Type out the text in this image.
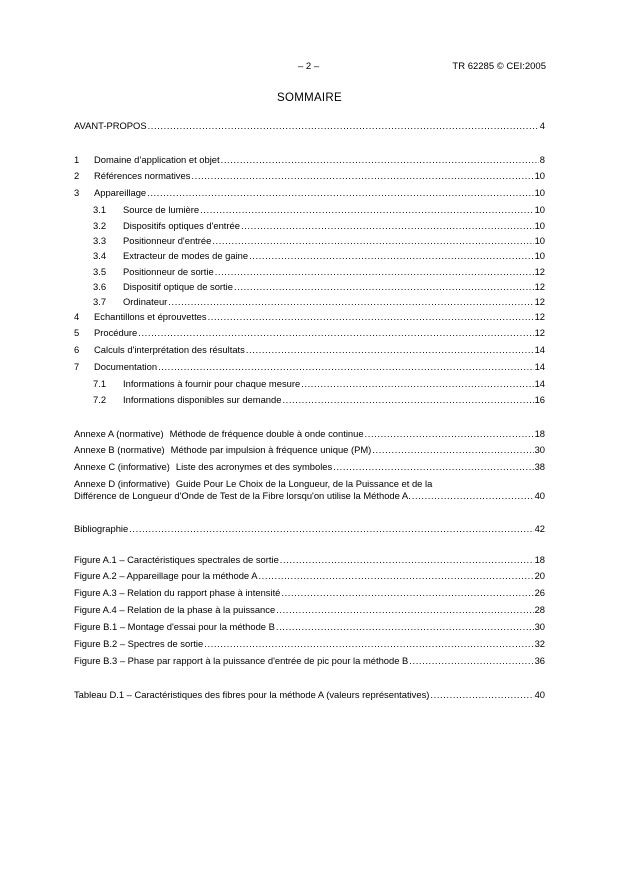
– 2 –	TR 62285 © CEI:2005
SOMMAIRE
AVANT-PROPOS .....	4
1	Domaine d’application et objet .....	8
2	Références normatives .....	10
3	Appareillage .....	10
3.1	Source de lumière .....	10
3.2	Dispositifs optiques d'entrée .....	10
3.3	Positionneur d'entrée .....	10
3.4	Extracteur de modes de gaine .....	10
3.5	Positionneur de sortie .....	12
3.6	Dispositif optique de sortie .....	12
3.7	Ordinateur .....	12
4	Echantillons et éprouvettes .....	12
5	Procédure .....	12
6	Calculs d'interprétation des résultats .....	14
7	Documentation .....	14
7.1	Informations à fournir pour chaque mesure .....	14
7.2	Informations disponibles sur demande .....	16
Annexe A (normative) Méthode de fréquence double à onde continue .....	18
Annexe B (normative) Méthode par impulsion à fréquence unique (PM) .....	30
Annexe C (informative) Liste des acronymes et des symboles .....	38
Annexe D (informative) Guide Pour Le Choix de la Longueur, de la Puissance et de la
Différence de Longueur d'Onde de Test de la Fibre lorsqu'on utilise la Méthode A. .....	40
Bibliographie .....	42
Figure A.1 – Caractéristiques spectrales de sortie .....	18
Figure A.2 – Appareillage pour la méthode A .....	20
Figure A.3 – Relation du rapport phase à intensité .....	26
Figure A.4 – Relation de la phase à la puissance .....	28
Figure B.1 – Montage d'essai pour la méthode B .....	30
Figure B.2 – Spectres de sortie .....	32
Figure B.3 – Phase par rapport à la puissance d'entrée de pic pour la méthode B .....	36
Tableau D.1 – Caractéristiques des fibres pour la méthode A (valeurs représentatives) .....	40
